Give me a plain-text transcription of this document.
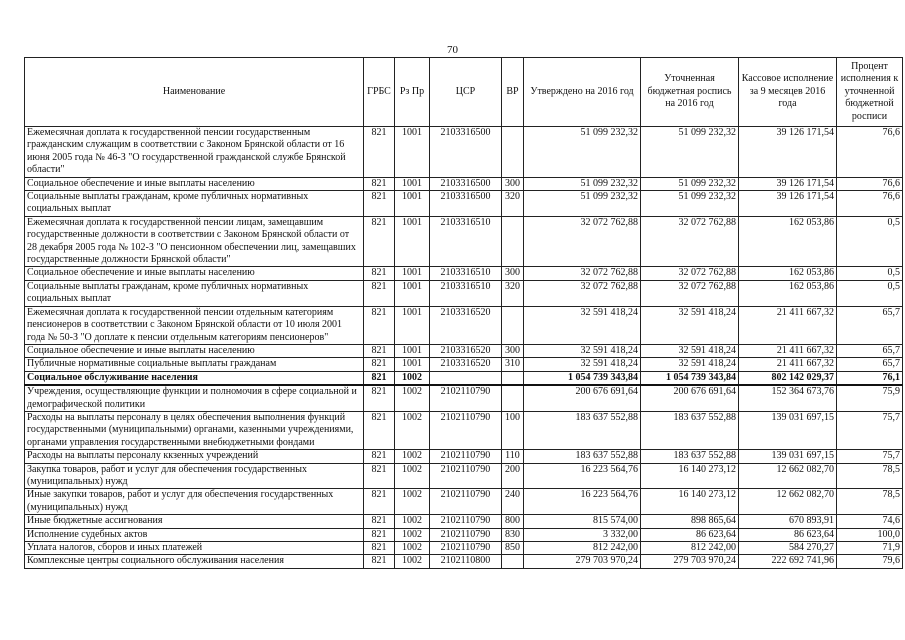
70
Наименование	ГРБС	Рз Пр	ЦСР	ВР	Утверждено на 2016 год	Уточненная бюджетная роспись на 2016 год	Кассовое исполнение за 9 месяцев 2016 года	Процент исполнения к уточненной бюджетной росписи
Ежемесячная доплата к государственной пенсии государственным гражданским служащим в соответствии с Законом Брянской области от 16 июня 2005 года № 46-З "О государственной гражданской службе Брянской области"	821	1001	2103316500		51 099 232,32	51 099 232,32	39 126 171,54	76,6
Социальное обеспечение и иные выплаты населению	821	1001	2103316500	300	51 099 232,32	51 099 232,32	39 126 171,54	76,6
Социальные выплаты гражданам, кроме публичных нормативных социальных выплат	821	1001	2103316500	320	51 099 232,32	51 099 232,32	39 126 171,54	76,6
Ежемесячная доплата к государственной пенсии лицам, замещавшим государственные должности в соответствии с Законом Брянской области от 28 декабря 2005 года № 102-З "О пенсионном обеспечении лиц, замещавших государственные должности Брянской области"	821	1001	2103316510		32 072 762,88	32 072 762,88	162 053,86	0,5
Социальное обеспечение и иные выплаты населению	821	1001	2103316510	300	32 072 762,88	32 072 762,88	162 053,86	0,5
Социальные выплаты гражданам, кроме публичных нормативных социальных выплат	821	1001	2103316510	320	32 072 762,88	32 072 762,88	162 053,86	0,5
Ежемесячная доплата к государственной пенсии отдельным категориям пенсионеров в соответствии с Законом Брянской области от 10 июля 2001 года № 50-З "О доплате к пенсии отдельным категориям пенсионеров"	821	1001	2103316520		32 591 418,24	32 591 418,24	21 411 667,32	65,7
Социальное обеспечение и иные выплаты населению	821	1001	2103316520	300	32 591 418,24	32 591 418,24	21 411 667,32	65,7
Публичные нормативные социальные выплаты гражданам	821	1001	2103316520	310	32 591 418,24	32 591 418,24	21 411 667,32	65,7
Социальное обслуживание населения	821	1002			1 054 739 343,84	1 054 739 343,84	802 142 029,37	76,1
Учреждения, осуществляющие функции и полномочия в сфере социальной и демографической политики	821	1002	2102110790		200 676 691,64	200 676 691,64	152 364 673,76	75,9
Расходы на выплаты персоналу в целях обеспечения выполнения функций государственными (муниципальными) органами, казенными учреждениями, органами управления государственными внебюджетными фондами	821	1002	2102110790	100	183 637 552,88	183 637 552,88	139 031 697,15	75,7
Расходы на выплаты персоналу ккзенных учреждений	821	1002	2102110790	110	183 637 552,88	183 637 552,88	139 031 697,15	75,7
Закупка товаров, работ и услуг для обеспечения государственных (муниципальных) нужд	821	1002	2102110790	200	16 223 564,76	16 140 273,12	12 662 082,70	78,5
Иные закупки товаров, работ и услуг для обеспечения государственных (муниципальных) нужд	821	1002	2102110790	240	16 223 564,76	16 140 273,12	12 662 082,70	78,5
Иные бюджетные ассигнования	821	1002	2102110790	800	815 574,00	898 865,64	670 893,91	74,6
Исполнение судебных актов	821	1002	2102110790	830	3 332,00	86 623,64	86 623,64	100,0
Уплата налогов, сборов и иных платежей	821	1002	2102110790	850	812 242,00	812 242,00	584 270,27	71,9
Комплексные центры социального обслуживания населения	821	1002	2102110800		279 703 970,24	279 703 970,24	222 692 741,96	79,6
